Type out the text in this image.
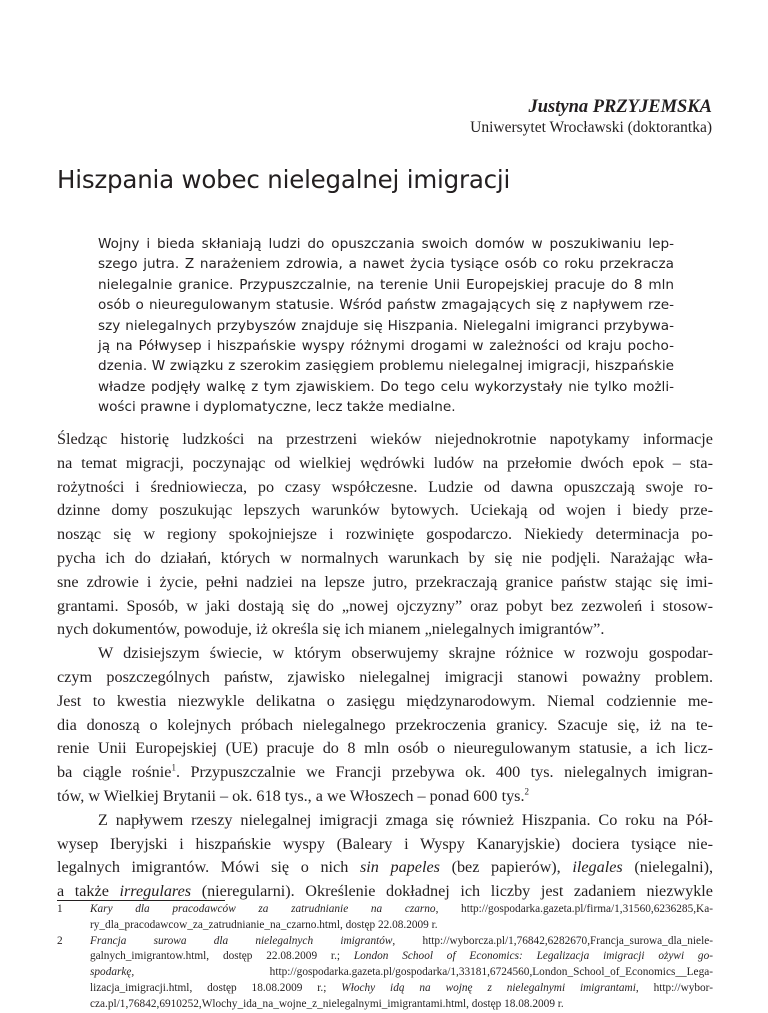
Justyna PRZYJEMSKA
Uniwersytet Wrocławski (doktorantka)
Hiszpania wobec nielegalnej imigracji
Wojny i bieda skłaniają ludzi do opuszczania swoich domów w poszukiwaniu lep-
szego jutra. Z narażeniem zdrowia, a nawet życia tysiące osób co roku przekracza
nielegalnie granice. Przypuszczalnie, na terenie Unii Europejskiej pracuje do 8 mln
osób o nieuregulowanym statusie. Wśród państw zmagających się z napływem rze-
szy nielegalnych przybyszów znajduje się Hiszpania. Nielegalni imigranci przybywa-
ją na Półwysep i hiszpańskie wyspy różnymi drogami w zależności od kraju pocho-
dzenia. W związku z szerokim zasięgiem problemu nielegalnej imigracji, hiszpańskie
władze podjęły walkę z tym zjawiskiem. Do tego celu wykorzystały nie tylko możli-
wości prawne i dyplomatyczne, lecz także medialne.
Śledząc historię ludzkości na przestrzeni wieków niejednokrotnie napotykamy informacje
na temat migracji, poczynając od wielkiej wędrówki ludów na przełomie dwóch epok – sta-
rożytności i średniowiecza, po czasy współczesne. Ludzie od dawna opuszczają swoje ro-
dzinne domy poszukując lepszych warunków bytowych. Uciekają od wojen i biedy prze-
nosząc się w regiony spokojniejsze i rozwinięte gospodarczo. Niekiedy determinacja po-
pycha ich do działań, których w normalnych warunkach by się nie podjęli. Narażając wła-
sne zdrowie i życie, pełni nadziei na lepsze jutro, przekraczają granice państw stając się imi-
grantami. Sposób, w jaki dostają się do „nowej ojczyzny” oraz pobyt bez zezwoleń i stosow-
nych dokumentów, powoduje, iż określa się ich mianem „nielegalnych imigrantów”.
W dzisiejszym świecie, w którym obserwujemy skrajne różnice w rozwoju gospodar-
czym poszczególnych państw, zjawisko nielegalnej imigracji stanowi poważny problem.
Jest to kwestia niezwykle delikatna o zasięgu międzynarodowym. Niemal codziennie me-
dia donoszą o kolejnych próbach nielegalnego przekroczenia granicy. Szacuje się, iż na te-
renie Unii Europejskiej (UE) pracuje do 8 mln osób o nieuregulowanym statusie, a ich licz-
ba ciągle rośnie$^1$. Przypuszczalnie we Francji przebywa ok. 400 tys. nielegalnych imigran-
tów, w Wielkiej Brytanii – ok. 618 tys., a we Włoszech – ponad 600 tys.$^2$
Z napływem rzeszy nielegalnej imigracji zmaga się również Hiszpania. Co roku na Pół-
wysep Iberyjski i hiszpańskie wyspy (Baleary i Wyspy Kanaryjskie) dociera tysiące nie-
legalnych imigrantów. Mówi się o nich sin papeles (bez papierów), ilegales (nielegalni),
a także irregulares (nieregularni). Określenie dokładnej ich liczby jest zadaniem niezwykle
1 Kary dla pracodawców za zatrudnianie na czarno, http://gospodarka.gazeta.pl/firma/1,31560,6236285,Ka-
ry_dla_pracodawcow_za_zatrudnianie_na_czarno.html, dostęp 22.08.2009 r.
2 Francja surowa dla nielegalnych imigrantów, http://wyborcza.pl/1,76842,6282670,Francja_surowa_dla_niele-
galnych_imigrantow.html, dostęp 22.08.2009 r.; London School of Economics: Legalizacja imigracji ożywi go-
spodarkę,  http://gospodarka.gazeta.pl/gospodarka/1,33181,6724560,London_School_of_Economics__Lega-
lizacja_imigracji.html, dostęp 18.08.2009 r.; Włochy idą na wojnę z nielegalnymi imigrantami, http://wybor-
cza.pl/1,76842,6910252,Wlochy_ida_na_wojne_z_nielegalnymi_imigrantami.html, dostęp 18.08.2009 r.
